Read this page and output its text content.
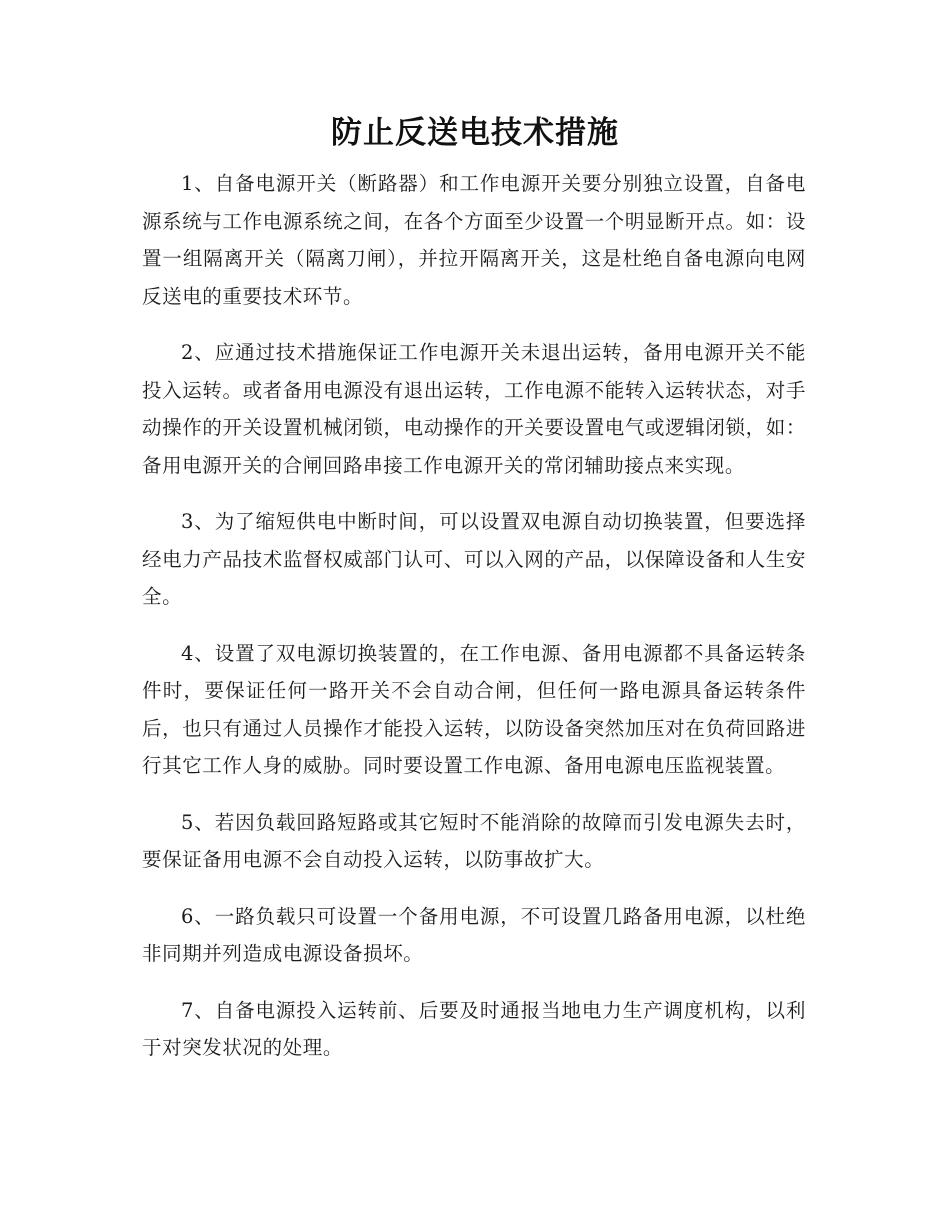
防止反送电技术措施

1、自备电源开关（断路器）和工作电源开关要分别独立设置，自备电源系统与工作电源系统之间，在各个方面至少设置一个明显断开点。如：设置一组隔离开关（隔离刀闸），并拉开隔离开关，这是杜绝自备电源向电网反送电的重要技术环节。

2、应通过技术措施保证工作电源开关未退出运转，备用电源开关不能投入运转。或者备用电源没有退出运转，工作电源不能转入运转状态，对手动操作的开关设置机械闭锁，电动操作的开关要设置电气或逻辑闭锁，如：备用电源开关的合闸回路串接工作电源开关的常闭辅助接点来实现。

3、为了缩短供电中断时间，可以设置双电源自动切换装置，但要选择经电力产品技术监督权威部门认可、可以入网的产品，以保障设备和人生安全。

4、设置了双电源切换装置的，在工作电源、备用电源都不具备运转条件时，要保证任何一路开关不会自动合闸，但任何一路电源具备运转条件后，也只有通过人员操作才能投入运转，以防设备突然加压对在负荷回路进行其它工作人身的威胁。同时要设置工作电源、备用电源电压监视装置。

5、若因负载回路短路或其它短时不能消除的故障而引发电源失去时，要保证备用电源不会自动投入运转，以防事故扩大。

6、一路负载只可设置一个备用电源，不可设置几路备用电源，以杜绝非同期并列造成电源设备损坏。

7、自备电源投入运转前、后要及时通报当地电力生产调度机构，以利于对突发状况的处理。
